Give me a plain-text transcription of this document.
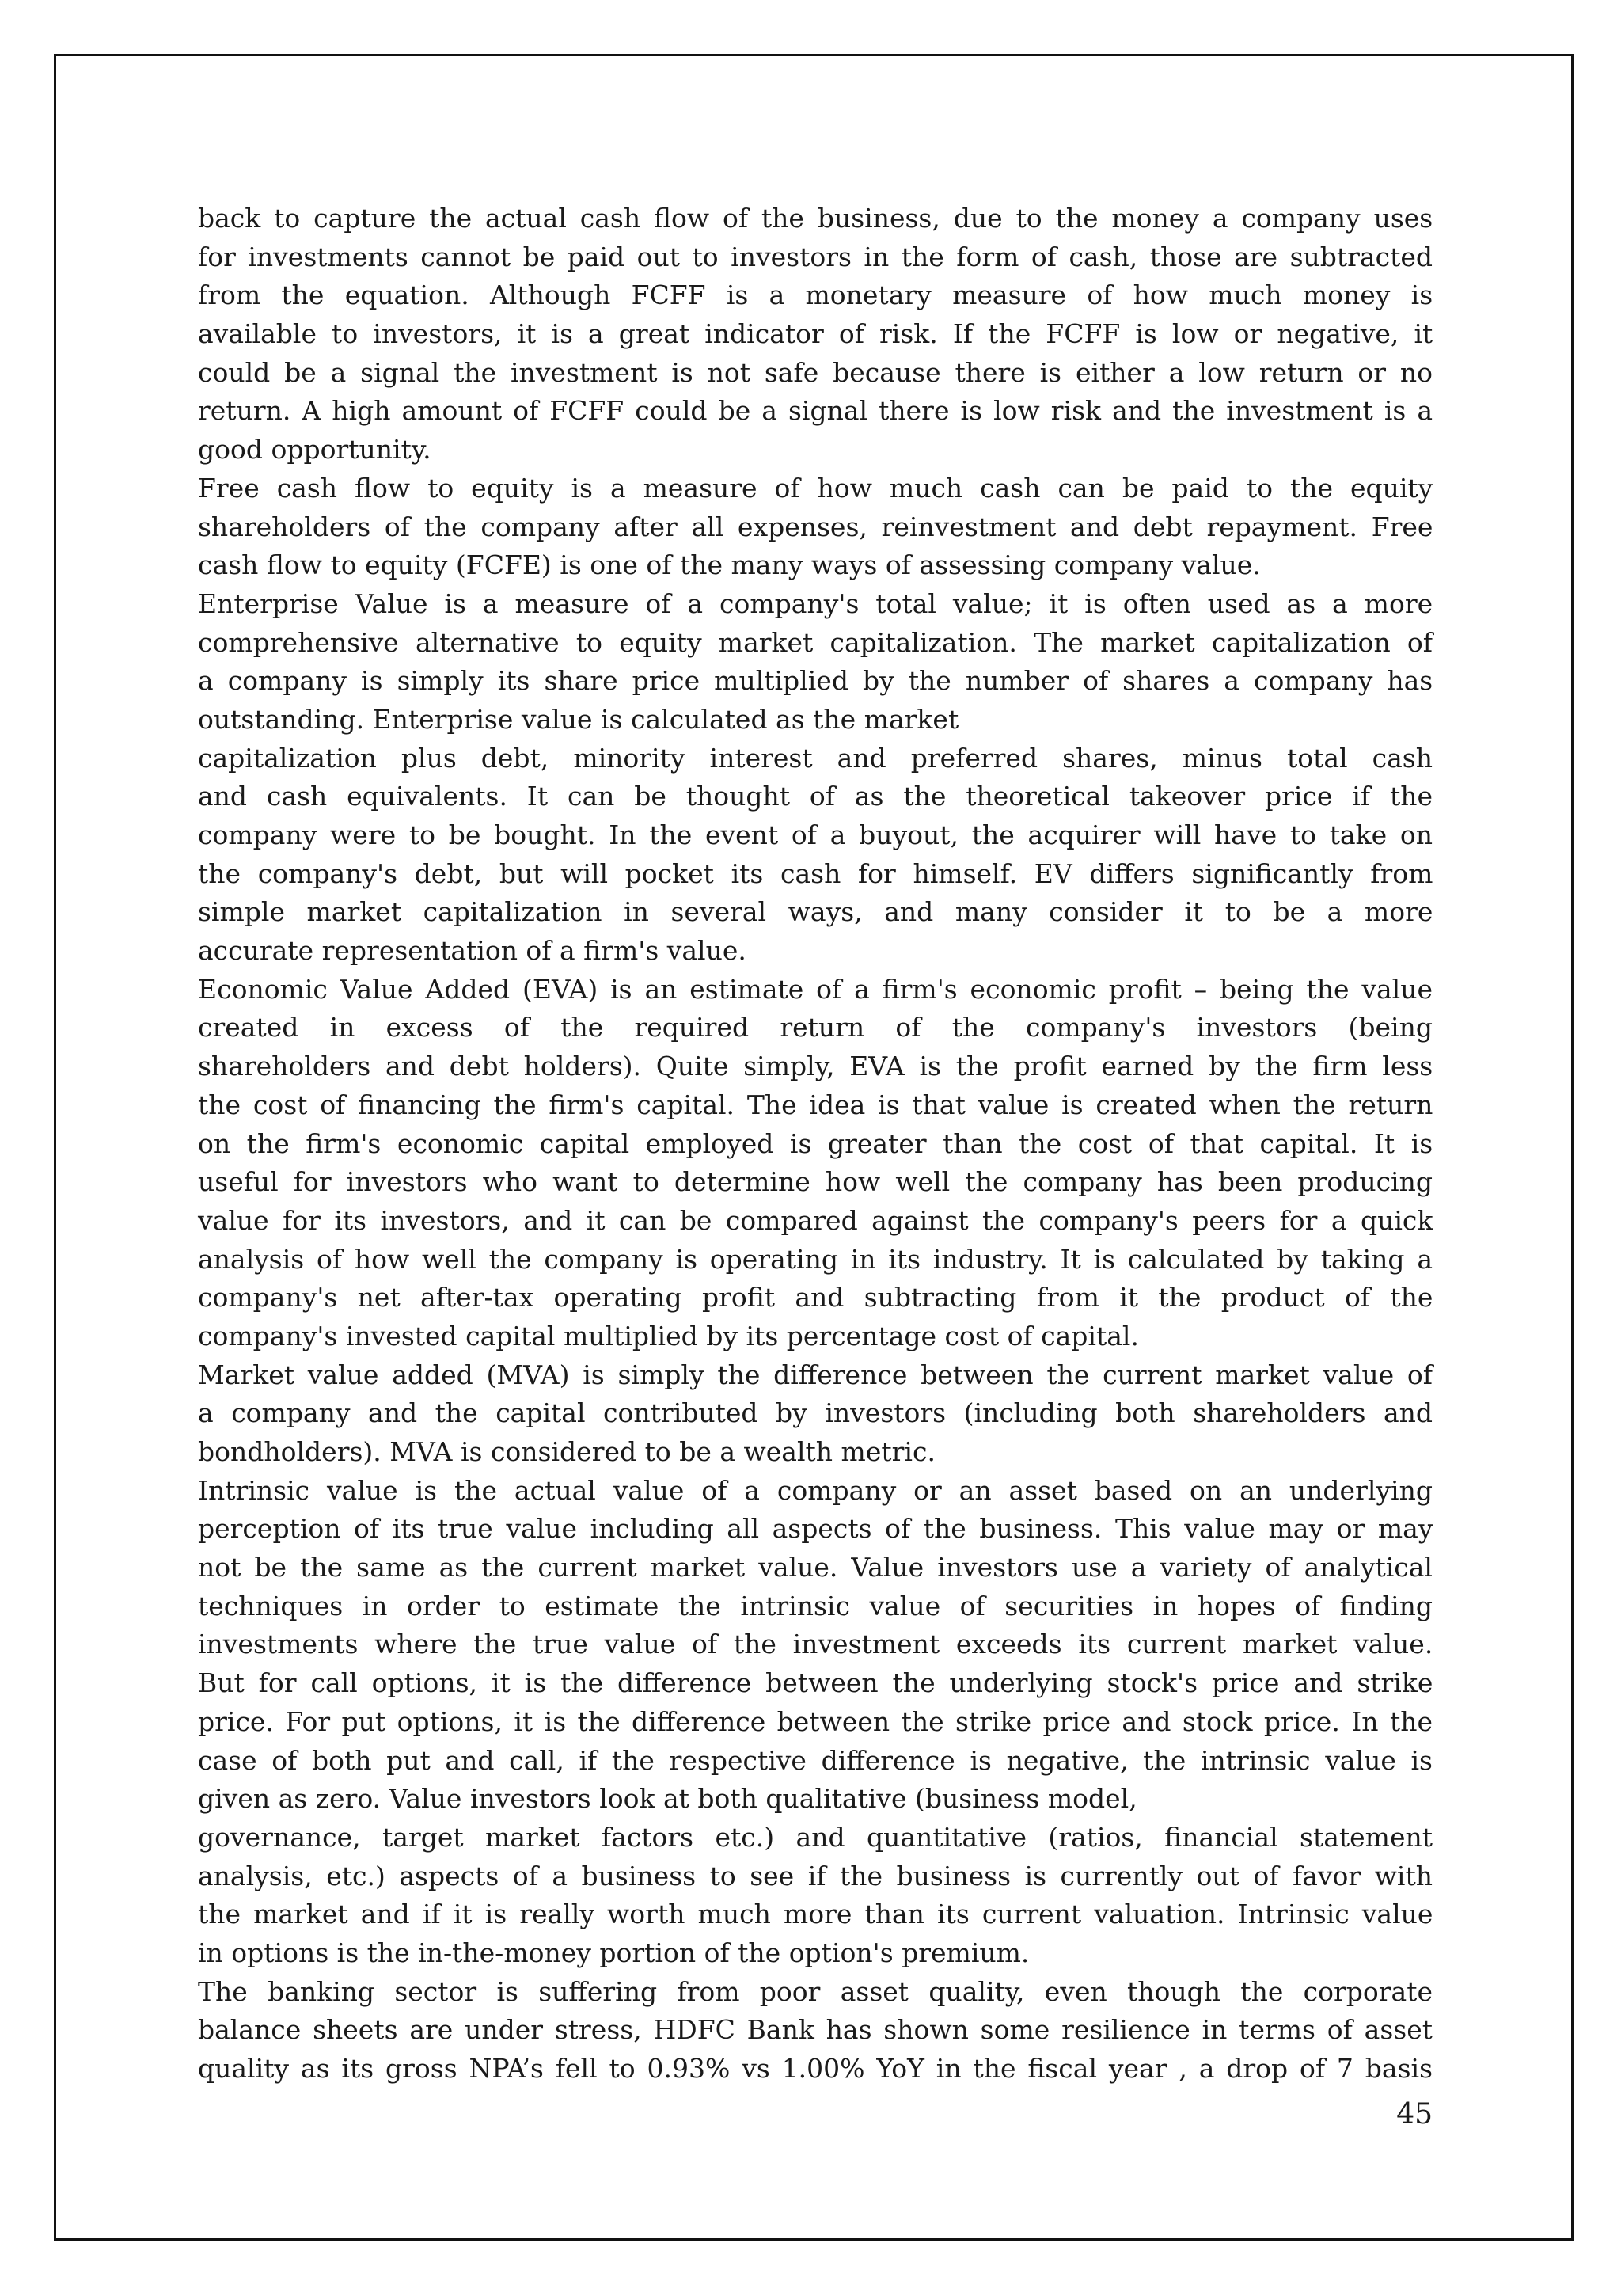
back to capture the actual cash flow of the business, due to the money a company uses
for investments cannot be paid out to investors in the form of cash, those are subtracted
from the equation. Although FCFF is a monetary measure of how much money is
available to investors, it is a great indicator of risk. If the FCFF is low or negative, it
could be a signal the investment is not safe because there is either a low return or no
return. A high amount of FCFF could be a signal there is low risk and the investment is a
good opportunity.
Free cash flow to equity is a measure of how much cash can be paid to the equity
shareholders of the company after all expenses, reinvestment and debt repayment. Free
cash flow to equity (FCFE) is one of the many ways of assessing company value.
Enterprise Value is a measure of a company's total value; it is often used as a more
comprehensive alternative to equity market capitalization. The market capitalization of
a company is simply its share price multiplied by the number of shares a company has
outstanding. Enterprise value is calculated as the market
capitalization plus debt, minority interest and preferred shares, minus total cash
and cash equivalents. It can be thought of as the theoretical takeover price if the
company were to be bought. In the event of a buyout, the acquirer will have to take on
the company's debt, but will pocket its cash for himself. EV differs significantly from
simple market capitalization in several ways, and many consider it to be a more
accurate representation of a firm's value.
Economic Value Added (EVA) is an estimate of a firm's economic profit – being the value
created in excess of the required return of the company's investors (being
shareholders and debt holders). Quite simply, EVA is the profit earned by the firm less
the cost of financing the firm's capital. The idea is that value is created when the return
on the firm's economic capital employed is greater than the cost of that capital. It is
useful for investors who want to determine how well the company has been producing
value for its investors, and it can be compared against the company's peers for a quick
analysis of how well the company is operating in its industry. It is calculated by taking a
company's net after-tax operating profit and subtracting from it the product of the
company's invested capital multiplied by its percentage cost of capital.
Market value added (MVA) is simply the difference between the current market value of
a company and the capital contributed by investors (including both shareholders and
bondholders). MVA is considered to be a wealth metric.
Intrinsic value is the actual value of a company or an asset based on an underlying
perception of its true value including all aspects of the business. This value may or may
not be the same as the current market value. Value investors use a variety of analytical
techniques in order to estimate the intrinsic value of securities in hopes of finding
investments where the true value of the investment exceeds its current market value.
But for call options, it is the difference between the underlying stock's price and strike
price. For put options, it is the difference between the strike price and stock price. In the
case of both put and call, if the respective difference is negative, the intrinsic value is
given as zero. Value investors look at both qualitative (business model,
governance, target market factors etc.) and quantitative (ratios, financial statement
analysis, etc.) aspects of a business to see if the business is currently out of favor with
the market and if it is really worth much more than its current valuation. Intrinsic value
in options is the in-the-money portion of the option's premium.
The banking sector is suffering from poor asset quality, even though the corporate
balance sheets are under stress, HDFC Bank has shown some resilience in terms of asset
quality as its gross NPA’s fell to 0.93% vs 1.00% YoY in the fiscal year , a drop of 7 basis
45
